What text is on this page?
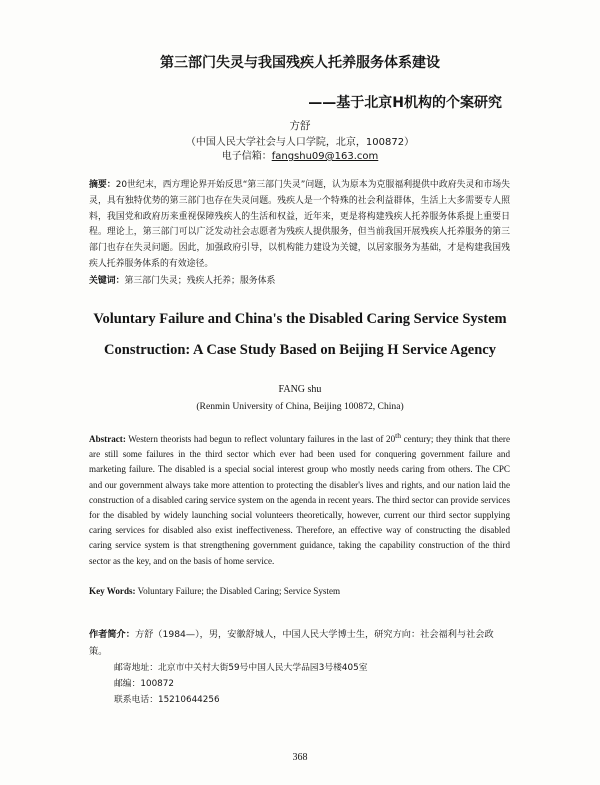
第三部门失灵与我国残疾人托养服务体系建设
——基于北京H机构的个案研究
方舒
（中国人民大学社会与人口学院，北京，100872）
电子信箱：fangshu09@163.com
摘要：20世纪末，西方理论界开始反思“第三部门失灵”问题，认为原本为克服福利提供中政府失灵和市场失灵，具有独特优势的第三部门也存在失灵问题。残疾人是一个特殊的社会利益群体，生活上大多需要专人照料，我国党和政府历来重视保障残疾人的生活和权益，近年来，更是将构建残疾人托养服务体系提上重要日程。理论上，第三部门可以广泛发动社会志愿者为残疾人提供服务，但当前我国开展残疾人托养服务的第三部门也存在失灵问题。因此，加强政府引导，以机构能力建设为关键，以居家服务为基础，才是构建我国残疾人托养服务体系的有效途径。
关键词：第三部门失灵；残疾人托养；服务体系
Voluntary Failure and China's the Disabled Caring Service System
Construction: A Case Study Based on Beijing H Service Agency
FANG shu
(Renmin University of China, Beijing 100872, China)
Abstract: Western theorists had begun to reflect voluntary failures in the last of 20th century; they think that there are still some failures in the third sector which ever had been used for conquering government failure and marketing failure. The disabled is a special social interest group who mostly needs caring from others. The CPC and our government always take more attention to protecting the disabler's lives and rights, and our nation laid the construction of a disabled caring service system on the agenda in recent years. The third sector can provide services for the disabled by widely launching social volunteers theoretically, however, current our third sector supplying caring services for disabled also exist ineffectiveness. Therefore, an effective way of constructing the disabled caring service system is that strengthening government guidance, taking the capability construction of the third sector as the key, and on the basis of home service.
Key Words: Voluntary Failure; the Disabled Caring; Service System
作者简介：方舒（1984—），男，安徽舒城人，中国人民大学博士生，研究方向：社会福利与社会政策。
邮寄地址：北京市中关村大街59号中国人民大学品园3号楼405室
邮编：100872
联系电话：15210644256
368
